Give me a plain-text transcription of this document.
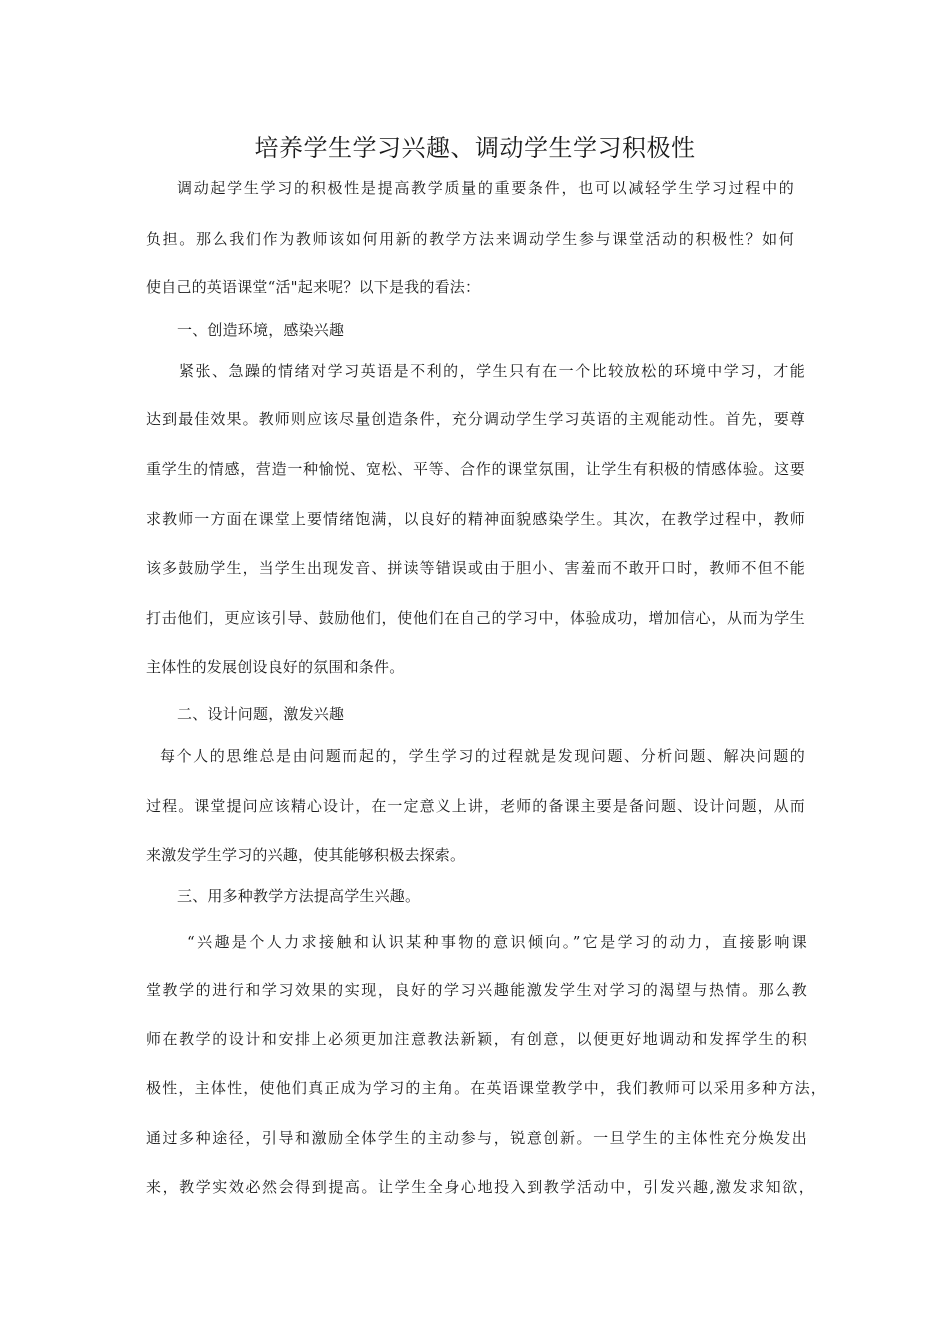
培养学生学习兴趣、调动学生学习积极性
调动起学生学习的积极性是提高教学质量的重要条件，也可以减轻学生学习过程中的
负担。那么我们作为教师该如何用新的教学方法来调动学生参与课堂活动的积极性？如何
使自己的英语课堂“活"起来呢？以下是我的看法：
一、创造环境，感染兴趣
紧张、急躁的情绪对学习英语是不利的，学生只有在一个比较放松的环境中学习，才能
达到最佳效果。教师则应该尽量创造条件，充分调动学生学习英语的主观能动性。首先，要尊
重学生的情感，营造一种愉悦、宽松、平等、合作的课堂氛围，让学生有积极的情感体验。这要
求教师一方面在课堂上要情绪饱满，以良好的精神面貌感染学生。其次，在教学过程中，教师
该多鼓励学生，当学生出现发音、拼读等错误或由于胆小、害羞而不敢开口时，教师不但不能
打击他们，更应该引导、鼓励他们，使他们在自己的学习中，体验成功，增加信心，从而为学生
主体性的发展创设良好的氛围和条件。
二、设计问题，激发兴趣
每个人的思维总是由问题而起的，学生学习的过程就是发现问题、分析问题、解决问题的
过程。课堂提问应该精心设计，在一定意义上讲，老师的备课主要是备问题、设计问题，从而
来激发学生学习的兴趣，使其能够积极去探索。
三、用多种教学方法提高学生兴趣。
“兴趣是个人力求接触和认识某种事物的意识倾向。”它是学习的动力，直接影响课
堂教学的进行和学习效果的实现，良好的学习兴趣能激发学生对学习的渴望与热情。那么教
师在教学的设计和安排上必须更加注意教法新颖，有创意，以便更好地调动和发挥学生的积
极性，主体性，使他们真正成为学习的主角。在英语课堂教学中，我们教师可以采用多种方法，
通过多种途径，引导和激励全体学生的主动参与，锐意创新。一旦学生的主体性充分焕发出
来，教学实效必然会得到提高。让学生全身心地投入到教学活动中，引发兴趣,激发求知欲，
